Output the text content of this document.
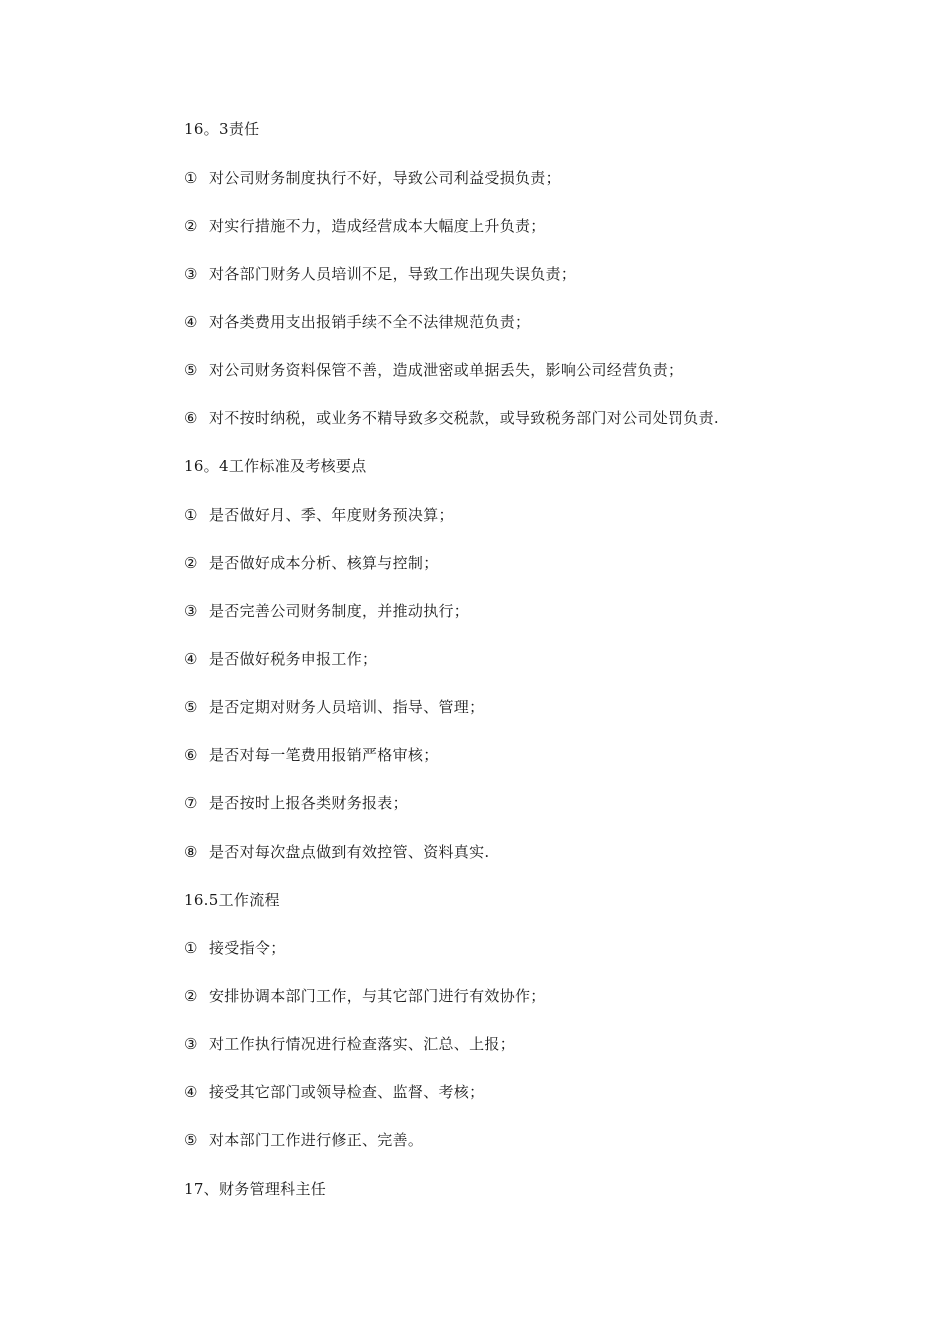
16。3责任
① 对公司财务制度执行不好，导致公司利益受损负责；
② 对实行措施不力，造成经营成本大幅度上升负责；
③ 对各部门财务人员培训不足，导致工作出现失误负责；
④ 对各类费用支出报销手续不全不法律规范负责；
⑤ 对公司财务资料保管不善，造成泄密或单据丢失，影响公司经营负责；
⑥ 对不按时纳税，或业务不精导致多交税款，或导致税务部门对公司处罚负责.
16。4工作标准及考核要点
① 是否做好月、季、年度财务预决算；
② 是否做好成本分析、核算与控制；
③ 是否完善公司财务制度，并推动执行；
④ 是否做好税务申报工作；
⑤ 是否定期对财务人员培训、指导、管理；
⑥ 是否对每一笔费用报销严格审核；
⑦ 是否按时上报各类财务报表；
⑧ 是否对每次盘点做到有效控管、资料真实.
16.5工作流程
① 接受指令；
② 安排协调本部门工作，与其它部门进行有效协作；
③ 对工作执行情况进行检查落实、汇总、上报；
④ 接受其它部门或领导检查、监督、考核；
⑤ 对本部门工作进行修正、完善。
17、财务管理科主任
